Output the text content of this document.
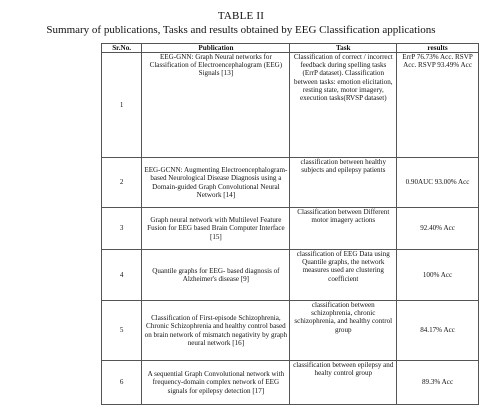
TABLE II
Summary of publications, Tasks and results obtained by EEG Classification applications
Sr.No.	Publication	Task	results
1	EEG-GNN: Graph Neural networks for Classification of Electroencephalogram (EEG) Signals [13]	Classification of correct / incorrect feedback during spelling tasks (ErrP dataset). Classification between tasks: emotion elicitation, resting state, motor imagery, execution tasks(RVSP dataset)	ErrP 76.73% Acc. RSVP Acc. RSVP 93.49% Acc
2	EEG-GCNN: Augmenting Electroencephalogram- based Neurological Disease Diagnosis using a Domain-guided Graph Convolutional Neural Network [14]	classification between healthy subjects and epilepsy patients	0.90AUC 93.00% Acc
3	Graph neural network with Multilevel Feature Fusion for EEG based Brain Computer Interface [15]	Classification between Different motor imagery actions	92.40% Acc
4	Quantile graphs for EEG- based diagnosis of Alzheimer's disease [9]	classification of EEG Data using Quantile graphs, the network measures used are clustering coefficient	100% Acc
5	Classification of First-episode Schizophrenia, Chronic Schizophrenia and healthy control based on brain network of mismatch negativity by graph neural network [16]	classification between schizophrenia, chronic schizophrenia, and healthy control group	84.17% Acc
6	A sequential Graph Convolutional network with frequency-domain complex network of EEG signals for epilepsy detection [17]	classification between epilepsy and healty control group	89.3% Acc
